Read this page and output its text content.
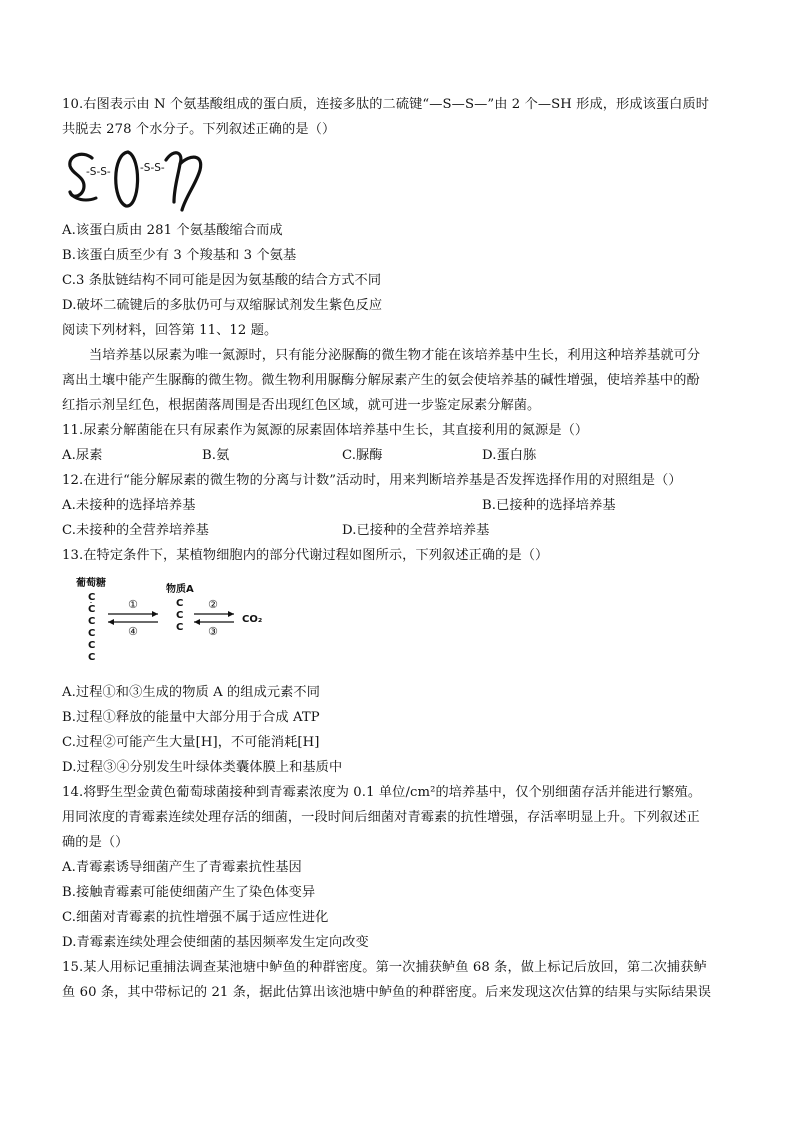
10.右图表示由 N 个氨基酸组成的蛋白质，连接多肽的二硫键“—S—S—”由 2 个—SH 形成，形成该蛋白质时
共脱去 278 个水分子。下列叙述正确的是（）
-S-S-	-S-S-
A.该蛋白质由 281 个氨基酸缩合而成
B.该蛋白质至少有 3 个羧基和 3 个氨基
C.3 条肽链结构不同可能是因为氨基酸的结合方式不同
D.破坏二硫键后的多肽仍可与双缩脲试剂发生紫色反应
阅读下列材料，回答第 11、12 题。
当培养基以尿素为唯一氮源时，只有能分泌脲酶的微生物才能在该培养基中生长，利用这种培养基就可分
离出土壤中能产生脲酶的微生物。微生物利用脲酶分解尿素产生的氨会使培养基的碱性增强，使培养基中的酚
红指示剂呈红色，根据菌落周围是否出现红色区域，就可进一步鉴定尿素分解菌。
11.尿素分解菌能在只有尿素作为氮源的尿素固体培养基中生长，其直接利用的氮源是（）
A.尿素	B.氨	C.脲酶	D.蛋白胨
12.在进行“能分解尿素的微生物的分离与计数”活动时，用来判断培养基是否发挥选择作用的对照组是（）
A.未接种的选择培养基	B.已接种的选择培养基
C.未接种的全营养培养基	D.已接种的全营养培养基
13.在特定条件下，某植物细胞内的部分代谢过程如图所示，下列叙述正确的是（）
葡萄糖
C
C
C
C
C
C
①
④
物质A
C
C
C
②
③
CO₂
A.过程①和③生成的物质 A 的组成元素不同
B.过程①释放的能量中大部分用于合成 ATP
C.过程②可能产生大量[H]，不可能消耗[H]
D.过程③④分别发生叶绿体类囊体膜上和基质中
14.将野生型金黄色葡萄球菌接种到青霉素浓度为 0.1 单位/cm²的培养基中，仅个别细菌存活并能进行繁殖。
用同浓度的青霉素连续处理存活的细菌，一段时间后细菌对青霉素的抗性增强，存活率明显上升。下列叙述正
确的是（）
A.青霉素诱导细菌产生了青霉素抗性基因
B.接触青霉素可能使细菌产生了染色体变异
C.细菌对青霉素的抗性增强不属于适应性进化
D.青霉素连续处理会使细菌的基因频率发生定向改变
15.某人用标记重捕法调查某池塘中鲈鱼的种群密度。第一次捕获鲈鱼 68 条，做上标记后放回，第二次捕获鲈
鱼 60 条，其中带标记的 21 条，据此估算出该池塘中鲈鱼的种群密度。后来发现这次估算的结果与实际结果误
